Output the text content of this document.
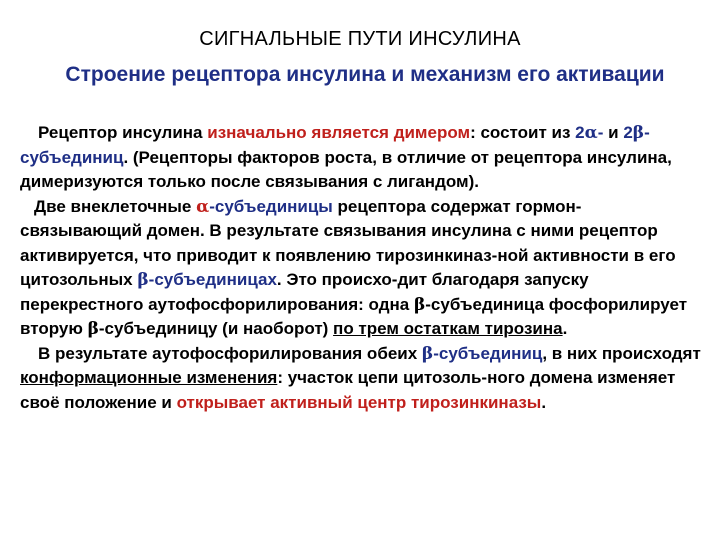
СИГНАЛЬНЫЕ ПУТИ ИНСУЛИНА
Строение рецептора инсулина и механизм его активации

Рецептор инсулина изначально является димером: состоит из 2α- и 2β-субъединиц. (Рецепторы факторов роста, в отличие от рецептора инсулина, димеризуются только после связывания с лигандом).

Две внеклеточные α-субъединицы рецептора содержат гормон-связывающий домен. В результате связывания инсулина с ними рецептор активируется, что приводит к появлению тирозинкиназ-ной активности в его цитозольных β-субъединицах. Это происхо-дит благодаря запуску перекрестного аутофосфорилирования: одна β-субъединица фосфорилирует вторую β-субъединицу (и наоборот) по трем остаткам тирозина.

В результате аутофосфорилирования обеих β-субъединиц, в них происходят конформационные изменения: участок цепи цитозоль-ного домена изменяет своё положение и открывает активный центр тирозинкиназы.
